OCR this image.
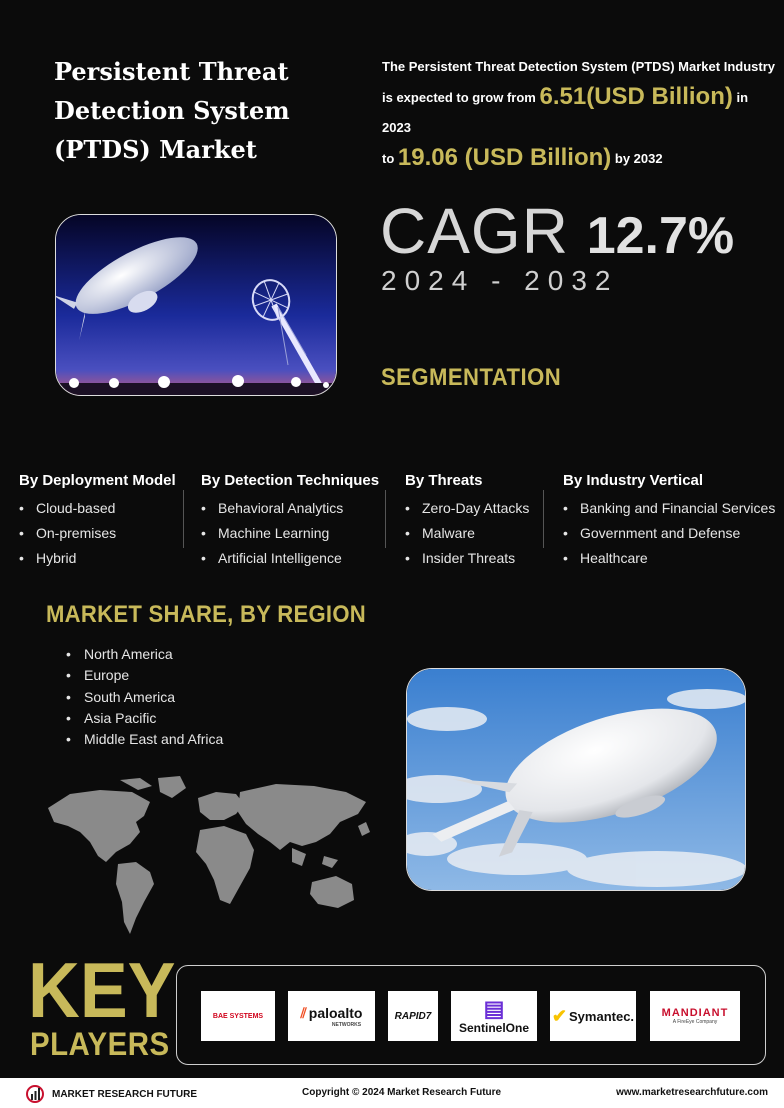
Persistent Threat Detection System (PTDS) Market
The Persistent Threat Detection System (PTDS) Market Industry
is expected to grow from 6.51(USD Billion) in 2023
to 19.06 (USD Billion) by 2032
CAGR 12.7%
2024 - 2032
SEGMENTATION
By Deployment Model
• Cloud-based
• On-premises
• Hybrid
By Detection Techniques
• Behavioral Analytics
• Machine Learning
• Artificial Intelligence
By Threats
• Zero-Day Attacks
• Malware
• Insider Threats
By Industry Vertical
• Banking and Financial Services
• Government and Defense
• Healthcare
MARKET SHARE, BY REGION
• North America
• Europe
• South America
• Asia Pacific
• Middle East and Africa
KEY
PLAYERS
BAE SYSTEMS	⫽ paloalto
NETWORKS
RAPID7 ▤
SentinelOne
✔ Symantec.	MANDIANT
A FireEye Company
MARKET RESEARCH FUTURE	Copyright © 2024 Market Research Future	www.marketresearchfuture.com
